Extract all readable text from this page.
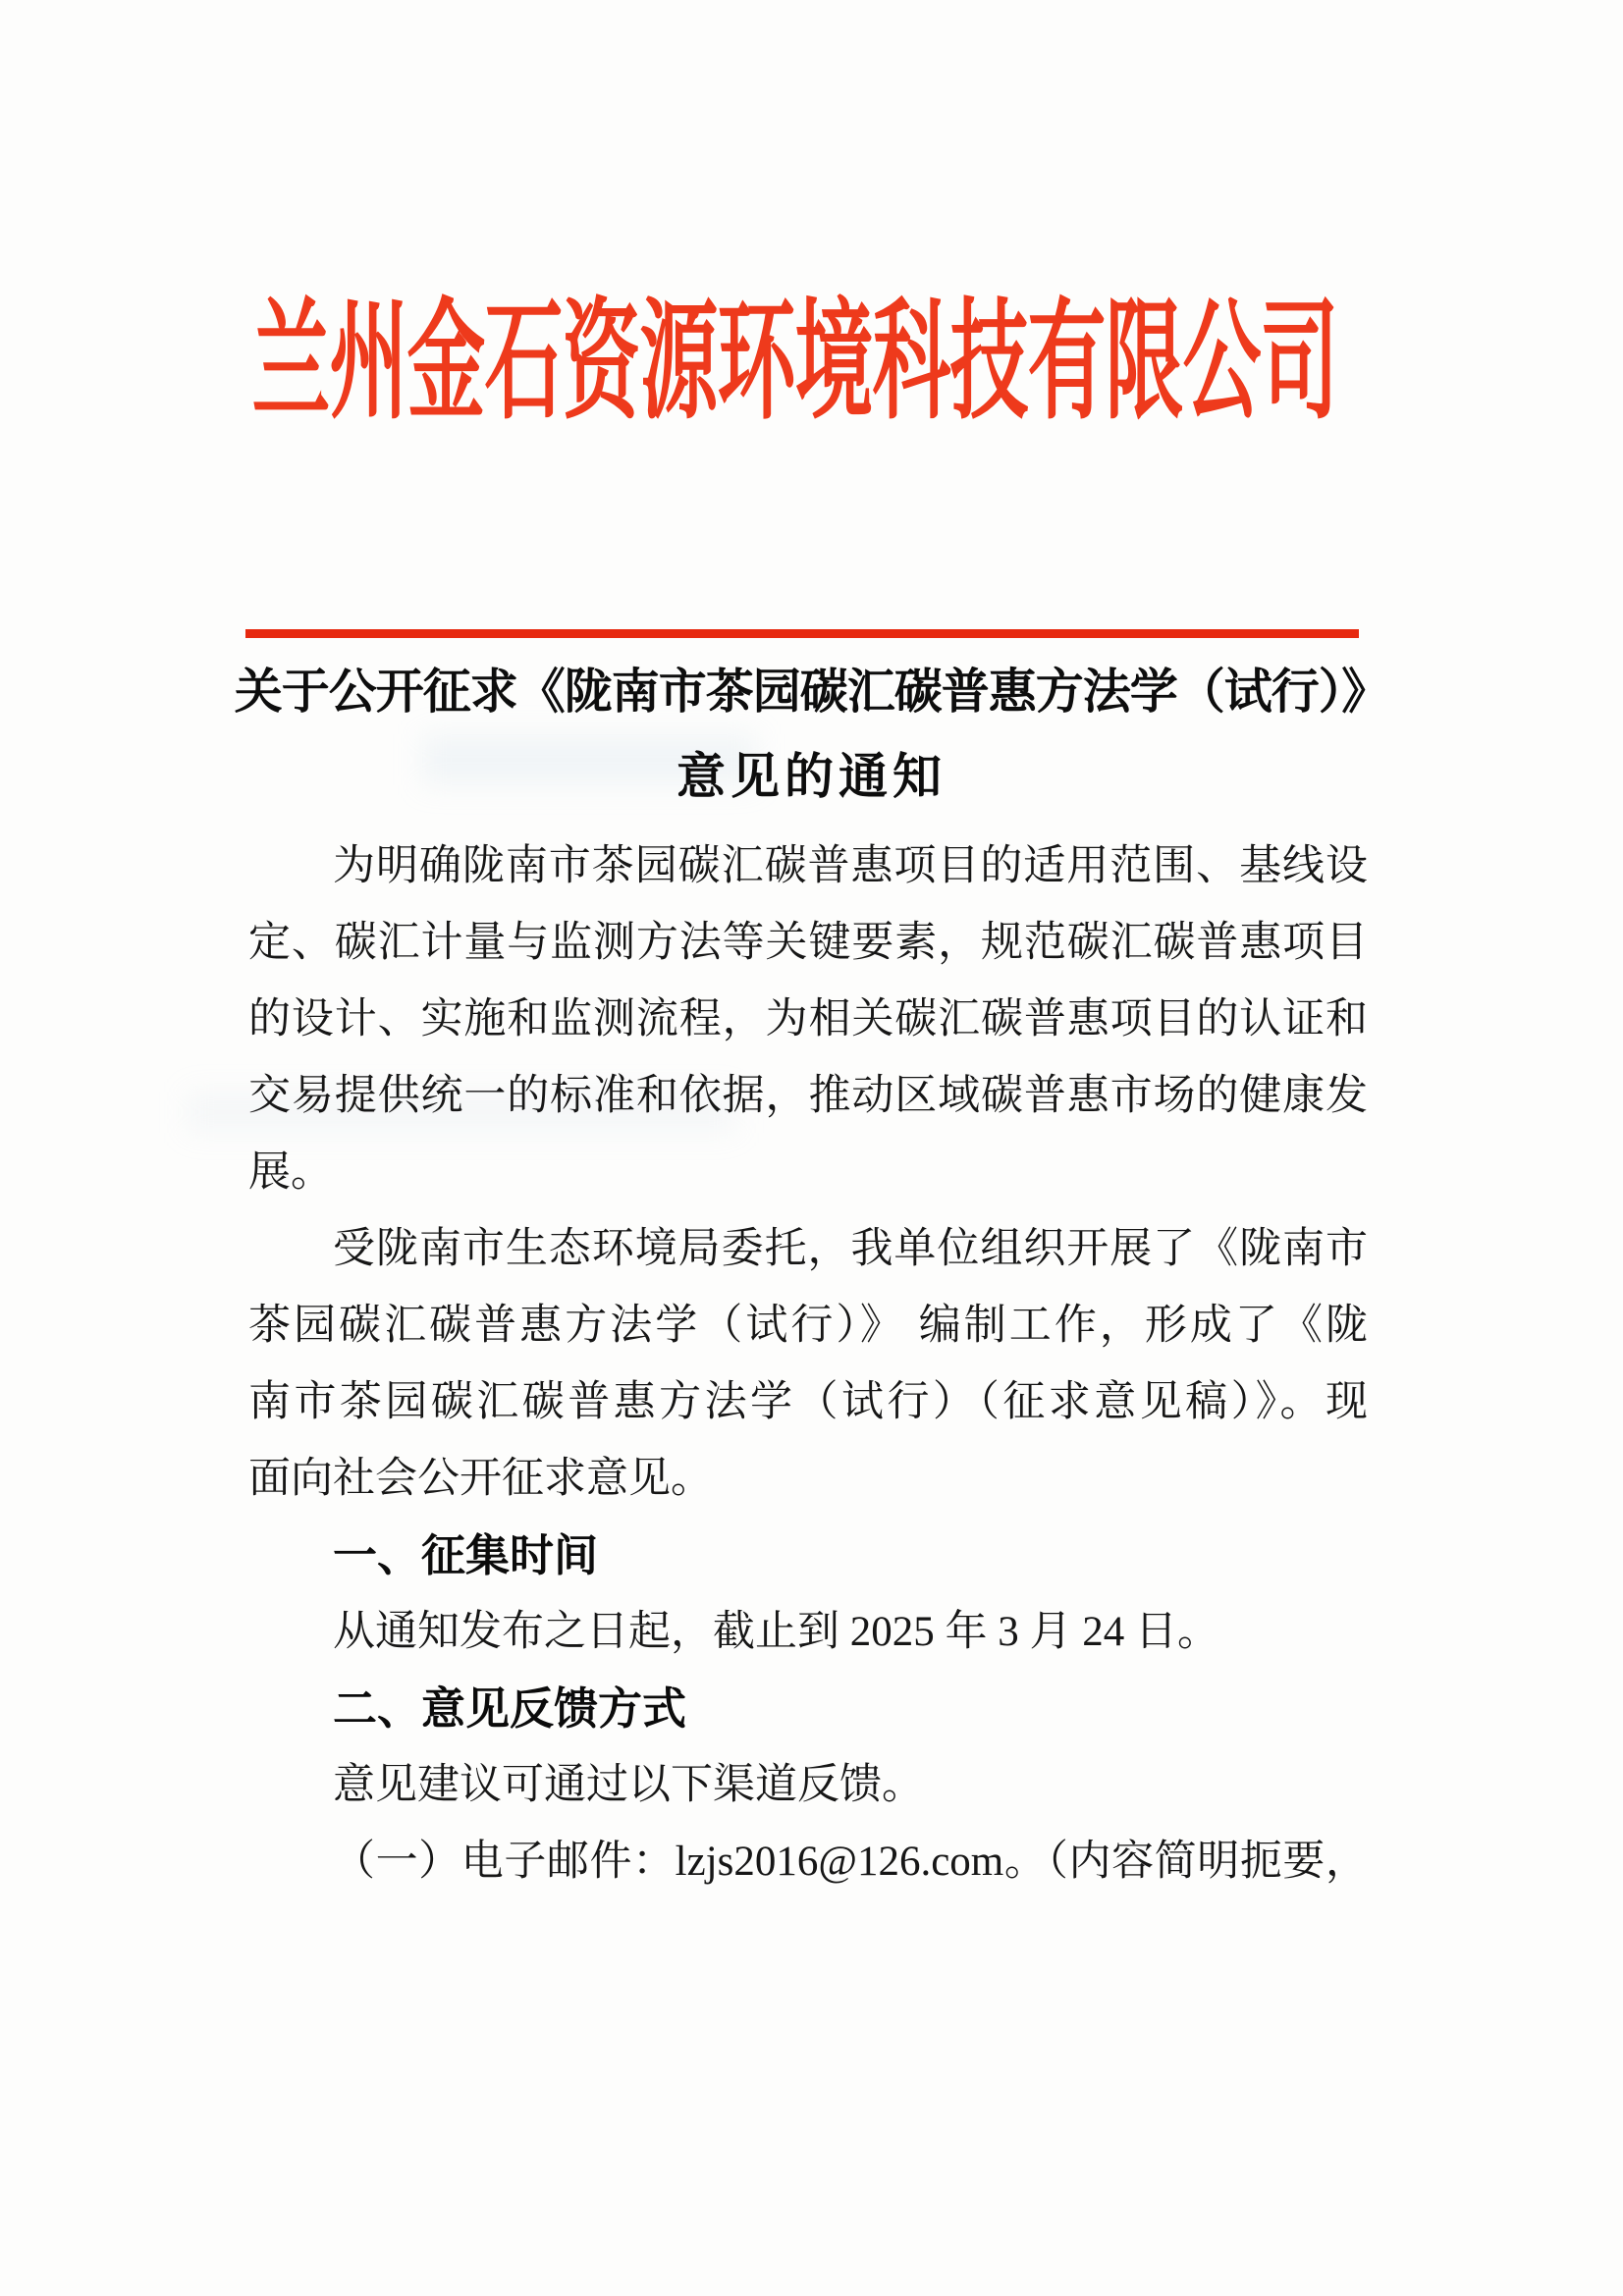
兰 州 金 石 资 源 环 境 科 技 有 限 公 司
关于公开征求《陇南市茶园碳汇碳普惠方法学（试行）》
意见的通知
为明确陇南市茶园碳汇碳普惠项目的适用范围、基线设
定、碳汇计量与监测方法等关键要素，规范碳汇碳普惠项目
的设计、实施和监测流程，为相关碳汇碳普惠项目的认证和
交易提供统一的标准和依据，推动区域碳普惠市场的健康发
展。
受陇南市生态环境局委托，我单位组织开展了《陇南市
茶园碳汇碳普惠方法学（试行）》 编制工作，形成了《陇
南市茶园碳汇碳普惠方法学（试行）（征求意见稿）》。现
面向社会公开征求意见。
一、征集时间
从通知发布之日起，截止到 2025 年 3 月 24 日。
二、意见反馈方式
意见建议可通过以下渠道反馈。
（一）电子邮件：lzjs2016@126.com。（内容简明扼要，
